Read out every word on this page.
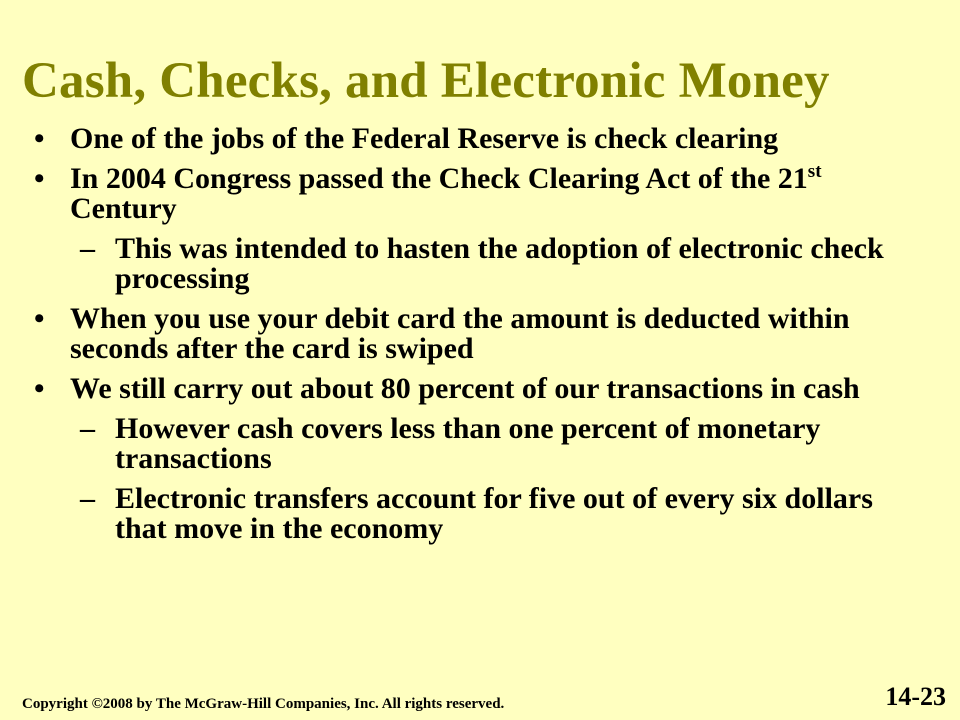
Cash, Checks, and Electronic Money

• One of the jobs of the Federal Reserve is check clearing

• In 2004 Congress passed the Check Clearing Act of the 21st Century

– This was intended to hasten the adoption of electronic check processing

• When you use your debit card the amount is deducted within seconds after the card is swiped

• We still carry out about 80 percent of our transactions in cash

– However cash covers less than one percent of monetary transactions

– Electronic transfers account for five out of every six dollars that move in the economy

Copyright ©2008 by The McGraw-Hill Companies, Inc. All rights reserved.	14-23
